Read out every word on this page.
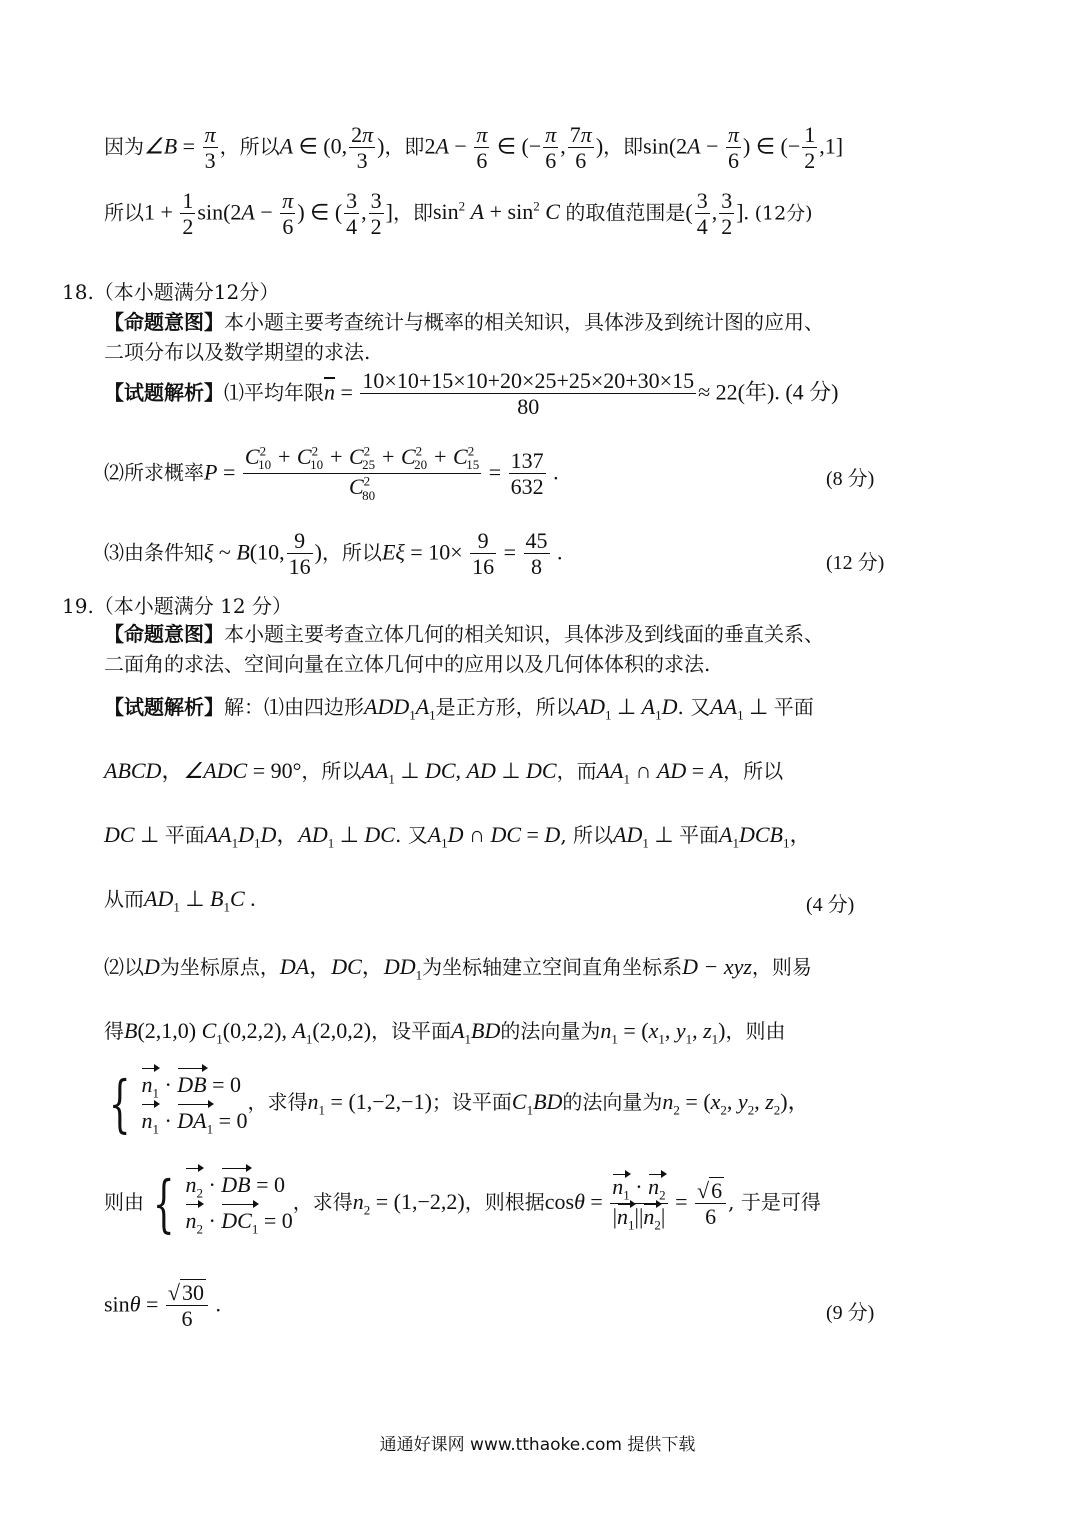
因为∠B = $\frac{\pi}{3}$ ，所以A ∈ (0, $\frac{2\pi}{3}$ )，即$2A - \frac{\pi}{6}$ ∈ (− $\frac{\pi}{6}$ , $\frac{7\pi}{6}$ )，即$\sin(2A - \frac{\pi}{6}$ ) ∈ (− $\frac{1}{2} ,1$]
所以$1 + \frac{1}{2} \sin(2A - \frac{\pi}{6}$ ) ∈ ( $\frac{3}{4}$ , $\frac{3}{2}$ ]，即$\sin^2 A + \sin^2 C$ 的取值范围是( $\frac{3}{4}$ , $\frac{3}{2}$ ]. (12分)
18.（本小题满分12分）
【命题意图】本小题主要考查统计与概率的相关知识，具体涉及到统计图的应用、
二项分布以及数学期望的求法.
【试题解析】⑴平均年限$\overline{n} = \frac{10\times 10+15\times 10+20\times 25+25\times 20+30\times 15}{80} \approx 22$(年). (4 分)
⑵所求概率$P = \frac{C^2_{10} + C^2_{10} + C^2_{25} + C^2_{20} + C^2_{15}}{C^2_{80}} = \frac{137}{632}$ .	(8 分)
⑶由条件知ξ ~ B(10, $\frac{9}{16}$ )，所以$E\xi = 10\times \frac{9}{16} = \frac{45}{8}$ .	(12 分)
19.（本小题满分 12 分）
【命题意图】本小题主要考查立体几何的相关知识，具体涉及到线面的垂直关系、
二面角的求法、空间向量在立体几何中的应用以及几何体体积的求法.
【试题解析】解：⑴由四边形$ADD_1A_1$是正方形，所以$AD_1$ ⊥ $A_1D$. 又$AA_1$ ⊥ 平面
ABCD，∠ADC = 90°，所以$AA_1$ ⊥ DC, AD ⊥ DC，而$AA_1$ ∩ AD = A，所以
DC ⊥ 平面$AA_1D_1D$，$AD_1$ ⊥ DC. 又$A_1D$ ∩ DC = D, 所以$AD_1$ ⊥ 平面$A_1DCB_1$，
从而$AD_1$ ⊥ $B_1C$ .	(4 分)
⑵以D为坐标原点，DA，DC，$DD_1$为坐标轴建立空间直角坐标系D − xyz，则易
得B(2,1,0) $C_1(0,2,2)$, $A_1(2,0,2)$，设平面$A_1BD$的法向量为$n_1 = (x_1$, $y_1$, $z_1$)，则由
{ $n_1$ · DB = 0
$n_1 \cdot DA_1 = 0$
，求得$n_1 = (1,-2,-1)$；设平面$C_1BD$的法向量为$n_2 = (x_2$, $y_2$, $z_2$)，
则由 { $n_2$ · DB = 0
$n_2 \cdot DC_1 = 0$
，求得$n_2 = (1,-2,2)$，则根据$\cos\theta = \frac{n_1 \cdot n_2}{|n_1||n_2|} = \frac{√6}{6}$ , 于是可得
$\sin\theta = \frac{√30}{6}$ .	(9 分)
通通好课网 www.tthaoke.com 提供下载
